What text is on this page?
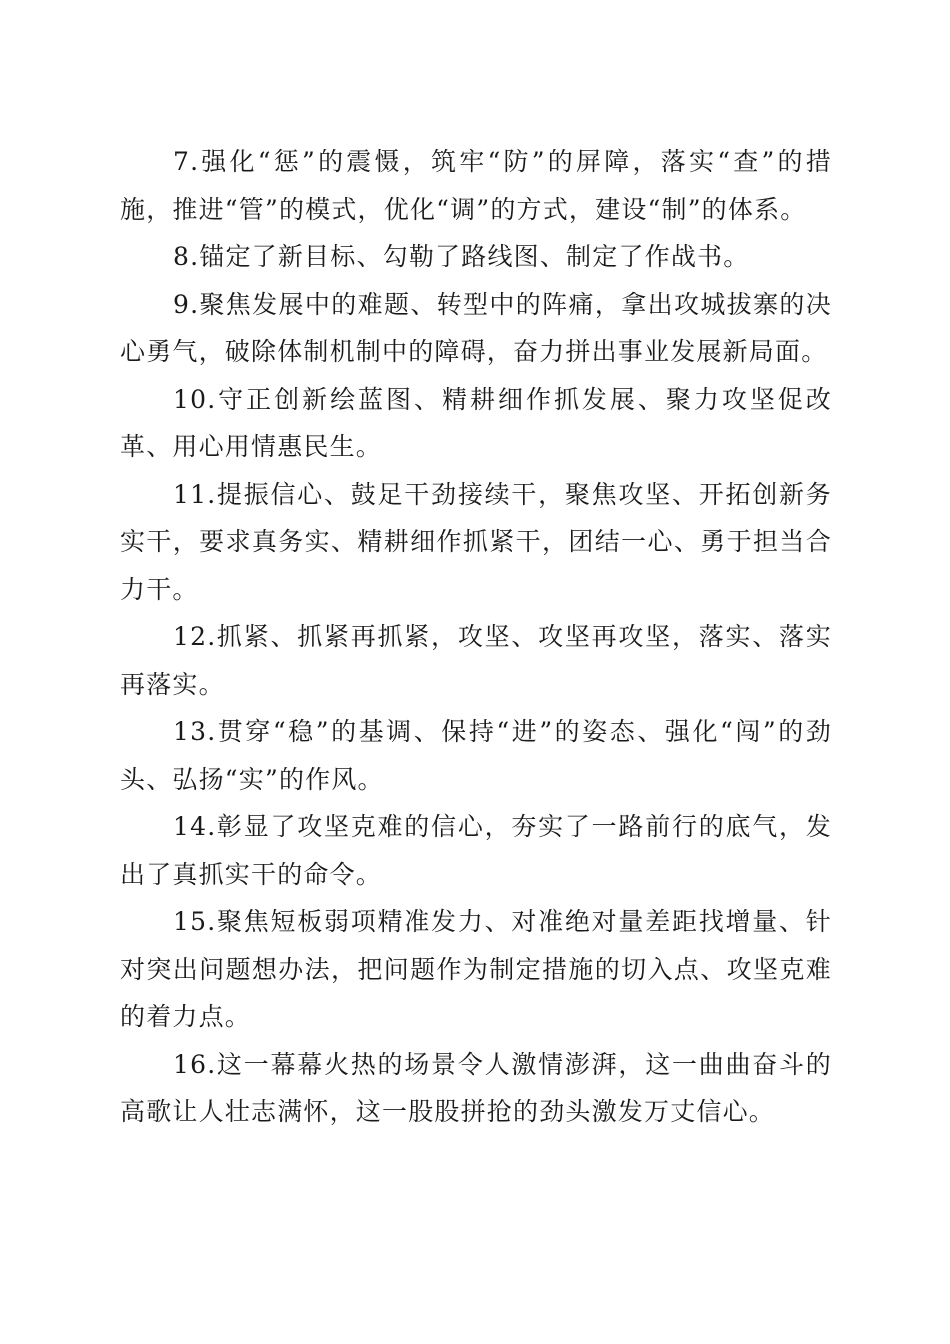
7.强化“惩”的震慑，筑牢“防”的屏障，落实“查”的措施，推进“管”的模式，优化“调”的方式，建设“制”的体系。

8.锚定了新目标、勾勒了路线图、制定了作战书。

9.聚焦发展中的难题、转型中的阵痛，拿出攻城拔寨的决心勇气，破除体制机制中的障碍，奋力拼出事业发展新局面。

10.守正创新绘蓝图、精耕细作抓发展、聚力攻坚促改革、用心用情惠民生。

11.提振信心、鼓足干劲接续干，聚焦攻坚、开拓创新务实干，要求真务实、精耕细作抓紧干，团结一心、勇于担当合力干。

12.抓紧、抓紧再抓紧，攻坚、攻坚再攻坚，落实、落实再落实。

13.贯穿“稳”的基调、保持“进”的姿态、强化“闯”的劲头、弘扬“实”的作风。

14.彰显了攻坚克难的信心，夯实了一路前行的底气，发出了真抓实干的命令。

15.聚焦短板弱项精准发力、对准绝对量差距找增量、针对突出问题想办法，把问题作为制定措施的切入点、攻坚克难的着力点。

16.这一幕幕火热的场景令人激情澎湃，这一曲曲奋斗的高歌让人壮志满怀，这一股股拼抢的劲头激发万丈信心。
